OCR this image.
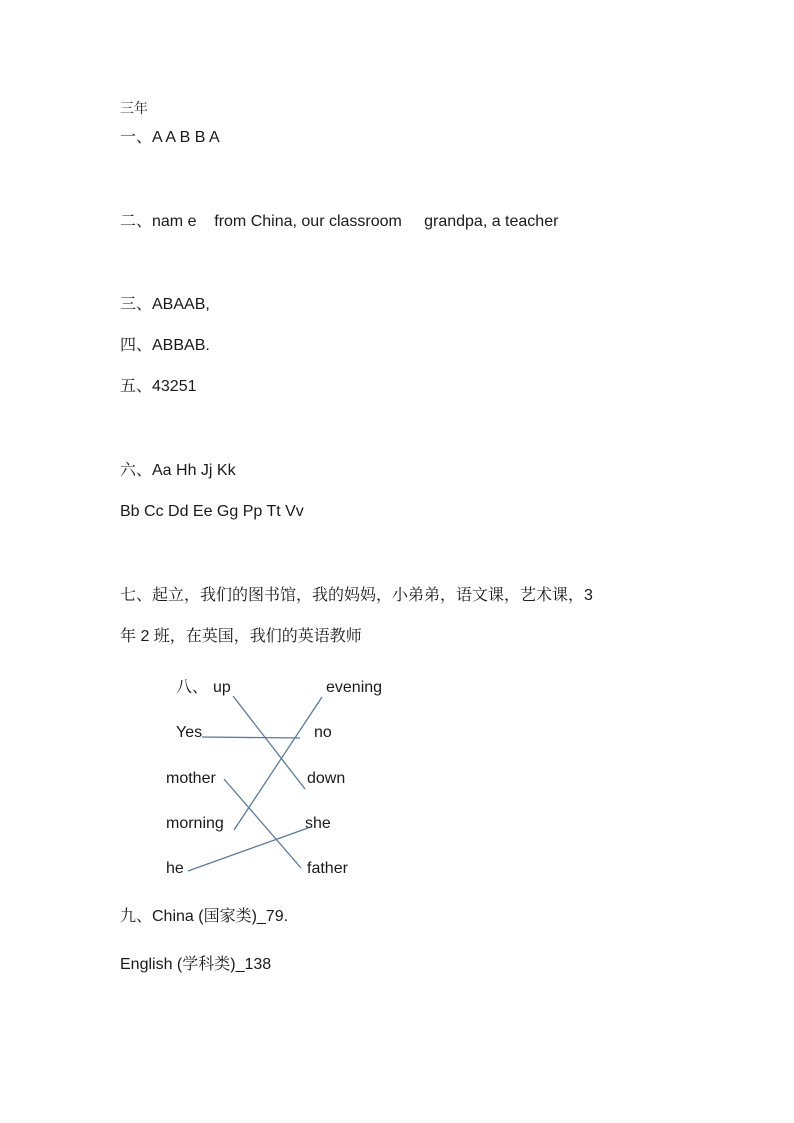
三年
一、A A B B A
二、nam e    from China, our classroom     grandpa, a teacher
三、ABAAB,
四、ABBAB.
五、43251
六、Aa Hh Jj Kk
Bb Cc Dd Ee Gg Pp Tt Vv
七、起立，我们的图书馆，我的妈妈，小弟弟，语文课，艺术课，3
年 2 班，在英国，我们的英语教师
八、 up
Yes
mother
morning
he
evening
no
down
she
father
九、China (国家类)_79.
English (学科类)_138
